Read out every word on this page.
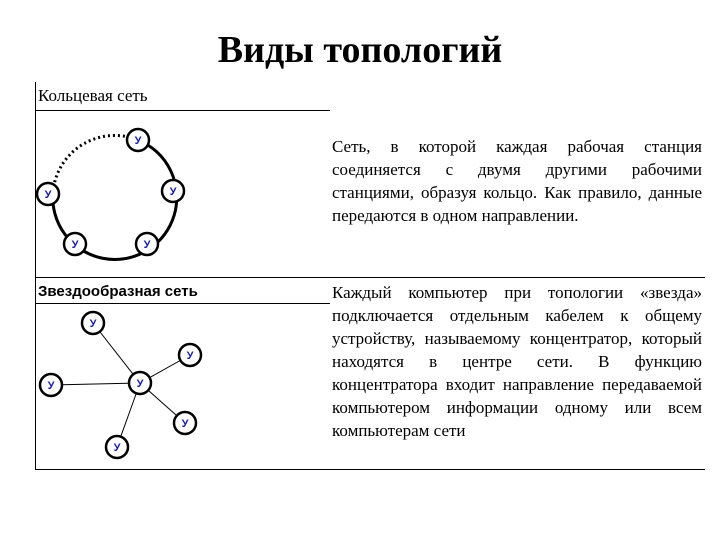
Виды топологий
Кольцевая сеть
У
У
У
У
У
Сеть, в которой каждая рабочая станция соединяется с двумя другими рабочими станциями, образуя кольцо. Как правило, данные передаются в одном направлении.
Звездообразная сеть
У
У
У
У
У
У
Каждый компьютер при топологии «звезда» подключается отдельным кабелем к общему устройству, называемому концентратор, который находятся в центре сети. В функцию концентратора входит направление передаваемой компьютером информации одному или всем компьютерам сети
